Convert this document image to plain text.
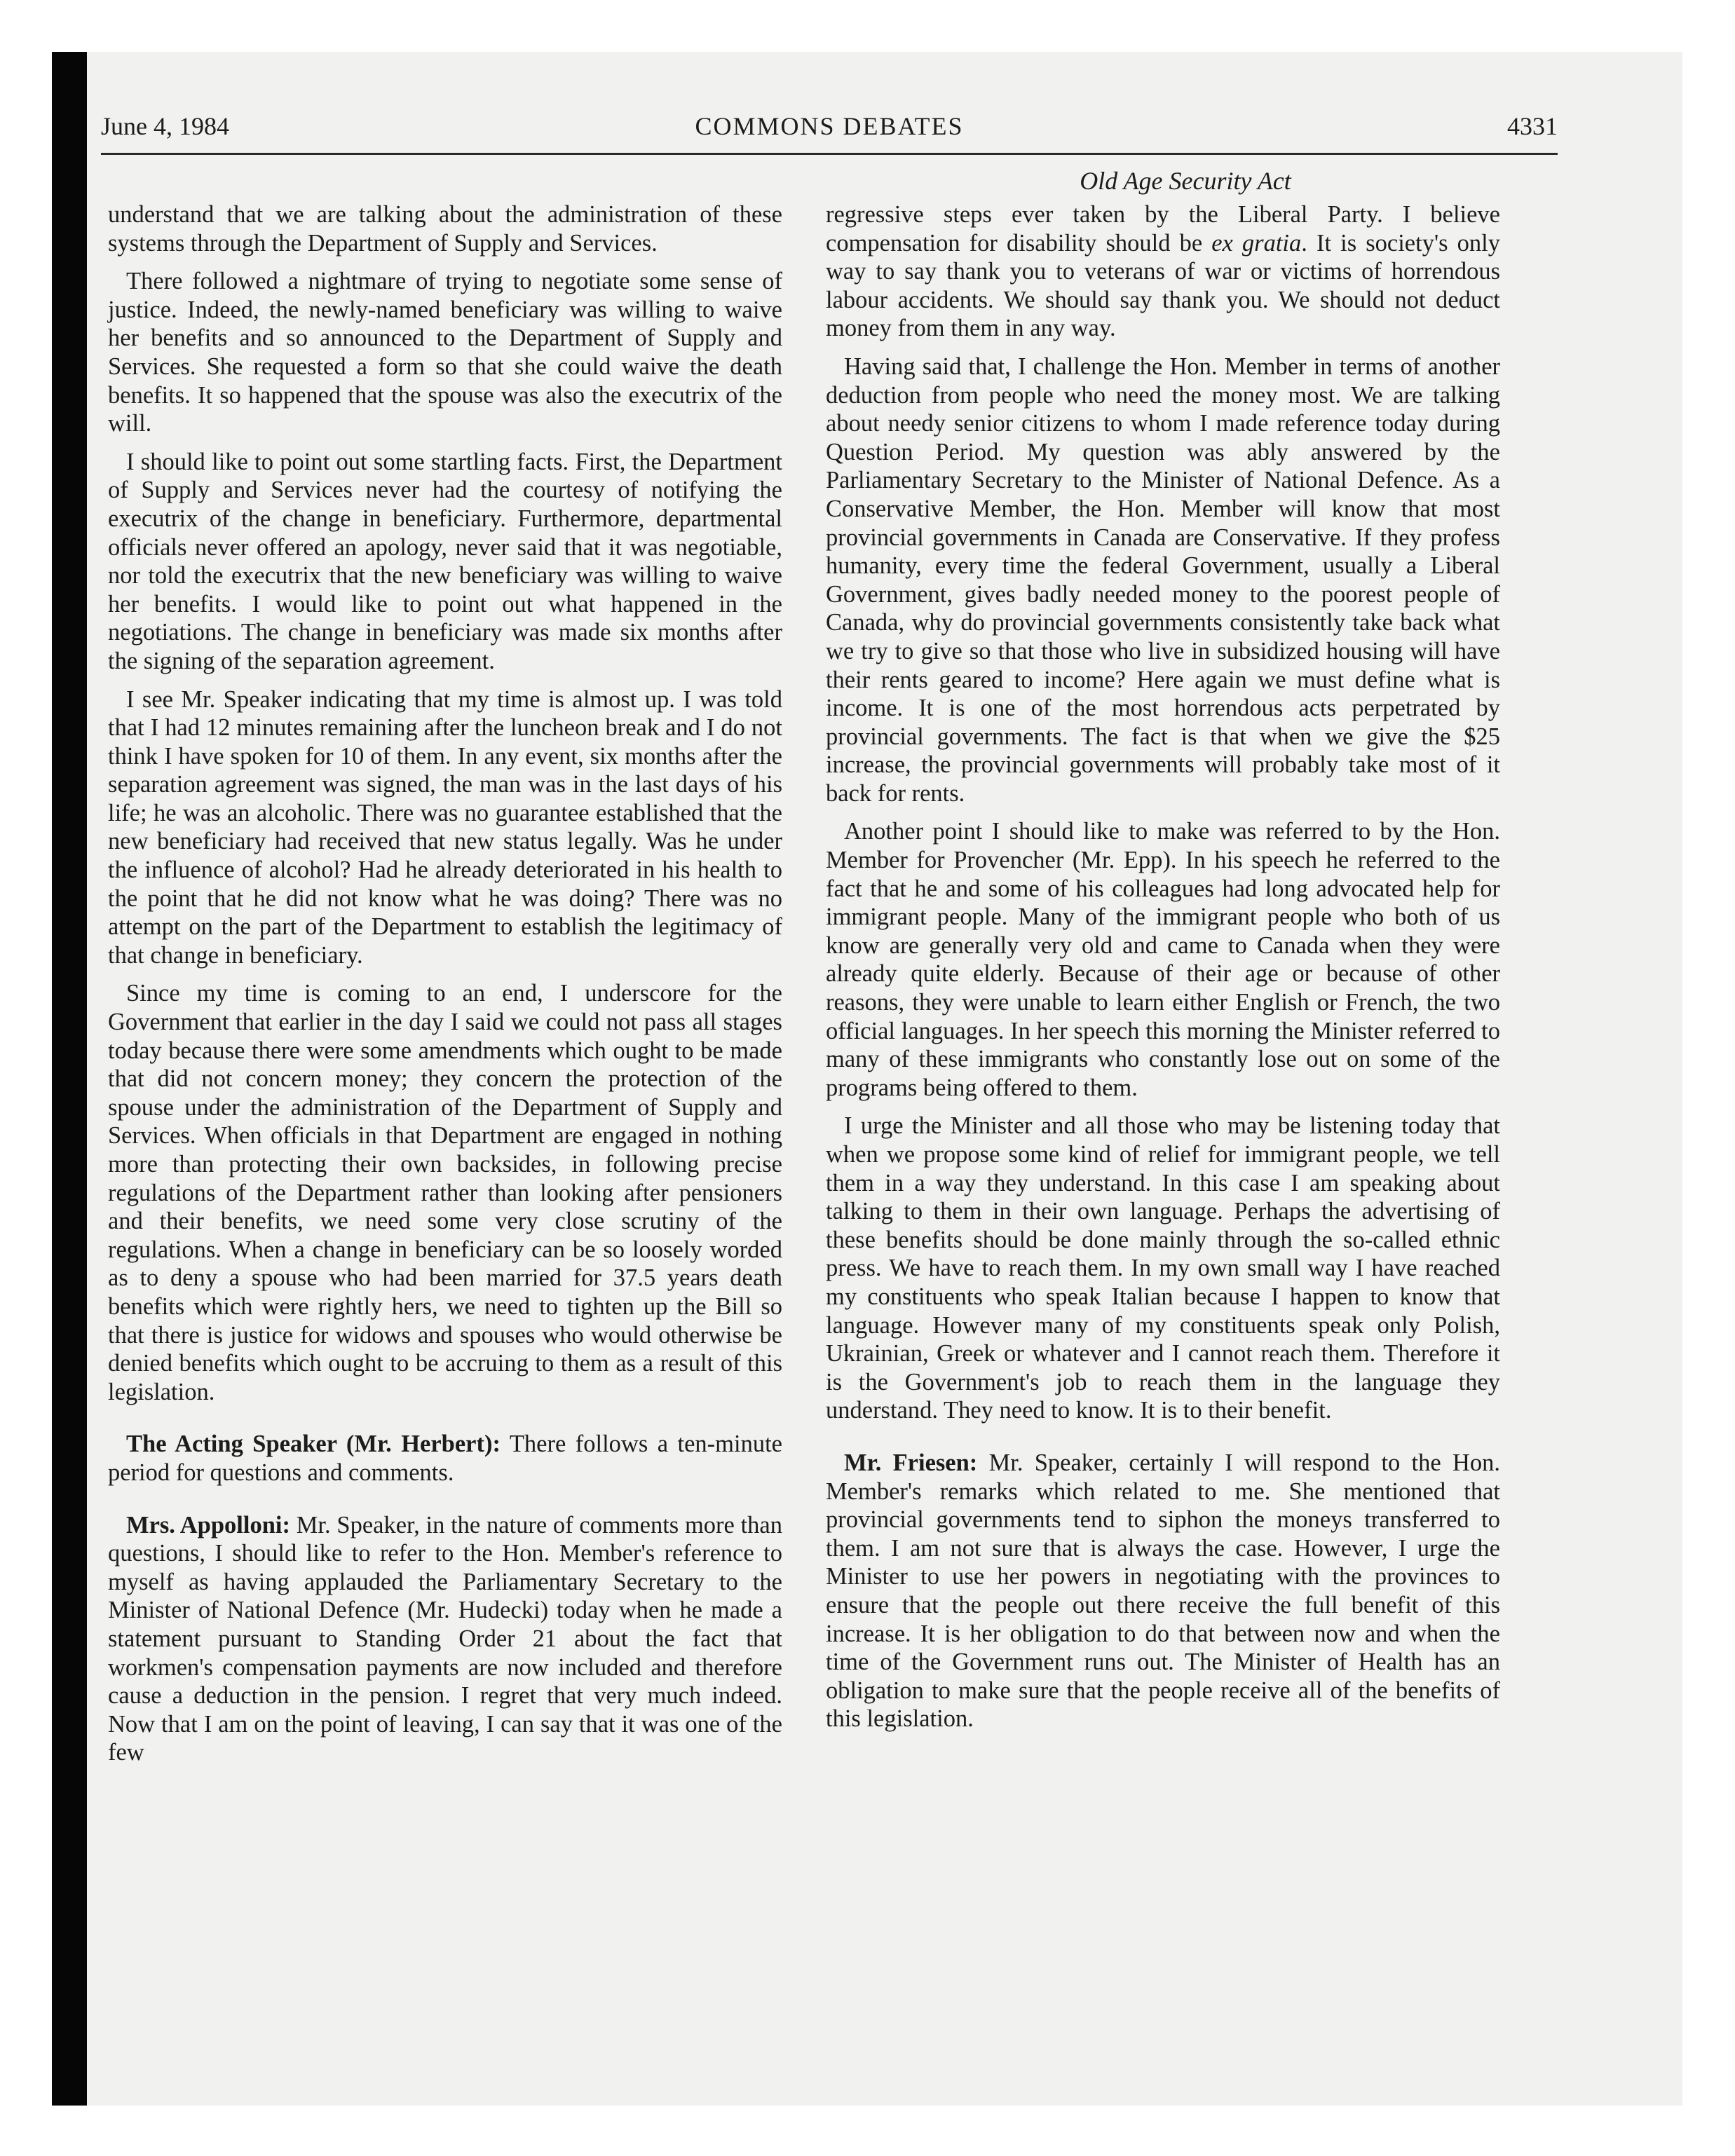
June 4, 1984	COMMONS DEBATES	4331
Old Age Security Act

understand that we are talking about the administration of these systems through the Department of Supply and Services.

There followed a nightmare of trying to negotiate some sense of justice. Indeed, the newly-named beneficiary was willing to waive her benefits and so announced to the Department of Supply and Services. She requested a form so that she could waive the death benefits. It so happened that the spouse was also the executrix of the will.

I should like to point out some startling facts. First, the Department of Supply and Services never had the courtesy of notifying the executrix of the change in beneficiary. Furthermore, departmental officials never offered an apology, never said that it was negotiable, nor told the executrix that the new beneficiary was willing to waive her benefits. I would like to point out what happened in the negotiations. The change in beneficiary was made six months after the signing of the separation agreement.

I see Mr. Speaker indicating that my time is almost up. I was told that I had 12 minutes remaining after the luncheon break and I do not think I have spoken for 10 of them. In any event, six months after the separation agreement was signed, the man was in the last days of his life; he was an alcoholic. There was no guarantee established that the new beneficiary had received that new status legally. Was he under the influence of alcohol? Had he already deteriorated in his health to the point that he did not know what he was doing? There was no attempt on the part of the Department to establish the legitimacy of that change in beneficiary.

Since my time is coming to an end, I underscore for the Government that earlier in the day I said we could not pass all stages today because there were some amendments which ought to be made that did not concern money; they concern the protection of the spouse under the administration of the Department of Supply and Services. When officials in that Department are engaged in nothing more than protecting their own backsides, in following precise regulations of the Department rather than looking after pensioners and their benefits, we need some very close scrutiny of the regulations. When a change in beneficiary can be so loosely worded as to deny a spouse who had been married for 37.5 years death benefits which were rightly hers, we need to tighten up the Bill so that there is justice for widows and spouses who would otherwise be denied benefits which ought to be accruing to them as a result of this legislation.

The Acting Speaker (Mr. Herbert): There follows a ten-minute period for questions and comments.

Mrs. Appolloni: Mr. Speaker, in the nature of comments more than questions, I should like to refer to the Hon. Member's reference to myself as having applauded the Parliamentary Secretary to the Minister of National Defence (Mr. Hudecki) today when he made a statement pursuant to Standing Order 21 about the fact that workmen's compensation payments are now included and therefore cause a deduction in the pension. I regret that very much indeed. Now that I am on the point of leaving, I can say that it was one of the few

regressive steps ever taken by the Liberal Party. I believe compensation for disability should be ex gratia. It is society's only way to say thank you to veterans of war or victims of horrendous labour accidents. We should say thank you. We should not deduct money from them in any way.

Having said that, I challenge the Hon. Member in terms of another deduction from people who need the money most. We are talking about needy senior citizens to whom I made reference today during Question Period. My question was ably answered by the Parliamentary Secretary to the Minister of National Defence. As a Conservative Member, the Hon. Member will know that most provincial governments in Canada are Conservative. If they profess humanity, every time the federal Government, usually a Liberal Government, gives badly needed money to the poorest people of Canada, why do provincial governments consistently take back what we try to give so that those who live in subsidized housing will have their rents geared to income? Here again we must define what is income. It is one of the most horrendous acts perpetrated by provincial governments. The fact is that when we give the $25 increase, the provincial governments will probably take most of it back for rents.

Another point I should like to make was referred to by the Hon. Member for Provencher (Mr. Epp). In his speech he referred to the fact that he and some of his colleagues had long advocated help for immigrant people. Many of the immigrant people who both of us know are generally very old and came to Canada when they were already quite elderly. Because of their age or because of other reasons, they were unable to learn either English or French, the two official languages. In her speech this morning the Minister referred to many of these immigrants who constantly lose out on some of the programs being offered to them.

I urge the Minister and all those who may be listening today that when we propose some kind of relief for immigrant people, we tell them in a way they understand. In this case I am speaking about talking to them in their own language. Perhaps the advertising of these benefits should be done mainly through the so-called ethnic press. We have to reach them. In my own small way I have reached my constituents who speak Italian because I happen to know that language. However many of my constituents speak only Polish, Ukrainian, Greek or whatever and I cannot reach them. Therefore it is the Government's job to reach them in the language they understand. They need to know. It is to their benefit.

Mr. Friesen: Mr. Speaker, certainly I will respond to the Hon. Member's remarks which related to me. She mentioned that provincial governments tend to siphon the moneys transferred to them. I am not sure that is always the case. However, I urge the Minister to use her powers in negotiating with the provinces to ensure that the people out there receive the full benefit of this increase. It is her obligation to do that between now and when the time of the Government runs out. The Minister of Health has an obligation to make sure that the people receive all of the benefits of this legislation.
